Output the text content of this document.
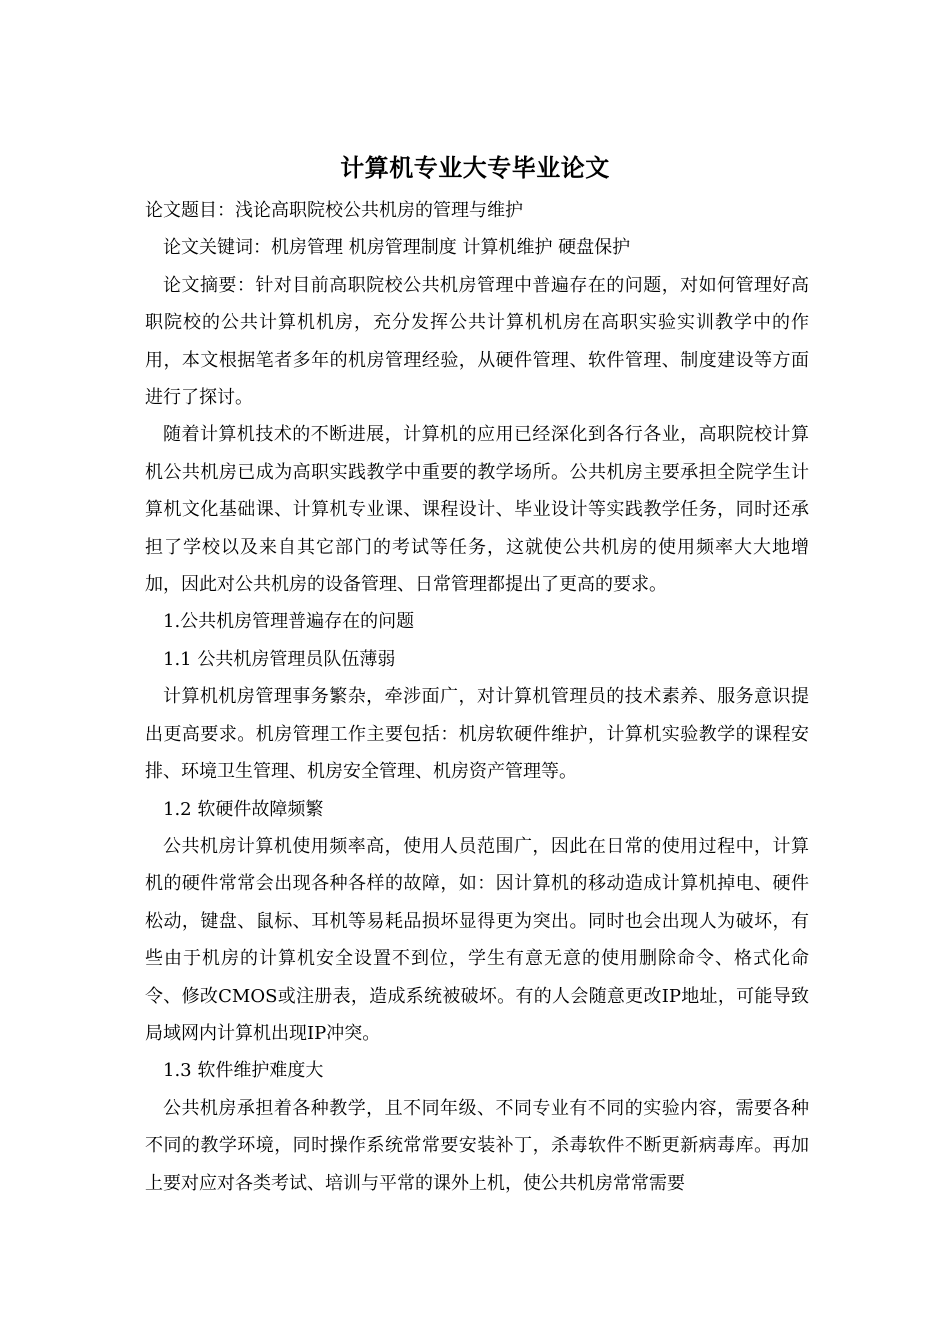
计算机专业大专毕业论文

论文题目：浅论高职院校公共机房的管理与维护

论文关键词：机房管理 机房管理制度 计算机维护 硬盘保护

论文摘要：针对目前高职院校公共机房管理中普遍存在的问题，对如何管理好高职院校的公共计算机机房，充分发挥公共计算机机房在高职实验实训教学中的作用，本文根据笔者多年的机房管理经验，从硬件管理、软件管理、制度建设等方面进行了探讨。

随着计算机技术的不断进展，计算机的应用已经深化到各行各业，高职院校计算机公共机房已成为高职实践教学中重要的教学场所。公共机房主要承担全院学生计算机文化基础课、计算机专业课、课程设计、毕业设计等实践教学任务，同时还承担了学校以及来自其它部门的考试等任务，这就使公共机房的使用频率大大地增加，因此对公共机房的设备管理、日常管理都提出了更高的要求。

1.公共机房管理普遍存在的问题

1.1 公共机房管理员队伍薄弱

计算机机房管理事务繁杂，牵涉面广，对计算机管理员的技术素养、服务意识提出更高要求。机房管理工作主要包括：机房软硬件维护，计算机实验教学的课程安排、环境卫生管理、机房安全管理、机房资产管理等。

1.2 软硬件故障频繁

公共机房计算机使用频率高，使用人员范围广，因此在日常的使用过程中，计算机的硬件常常会出现各种各样的故障，如：因计算机的移动造成计算机掉电、硬件松动，键盘、鼠标、耳机等易耗品损坏显得更为突出。同时也会出现人为破坏，有些由于机房的计算机安全设置不到位，学生有意无意的使用删除命令、格式化命令、修改CMOS或注册表，造成系统被破坏。有的人会随意更改IP地址，可能导致局域网内计算机出现IP冲突。

1.3 软件维护难度大

公共机房承担着各种教学，且不同年级、不同专业有不同的实验内容，需要各种不同的教学环境，同时操作系统常常要安装补丁，杀毒软件不断更新病毒库。再加上要对应对各类考试、培训与平常的课外上机，使公共机房常常需要
